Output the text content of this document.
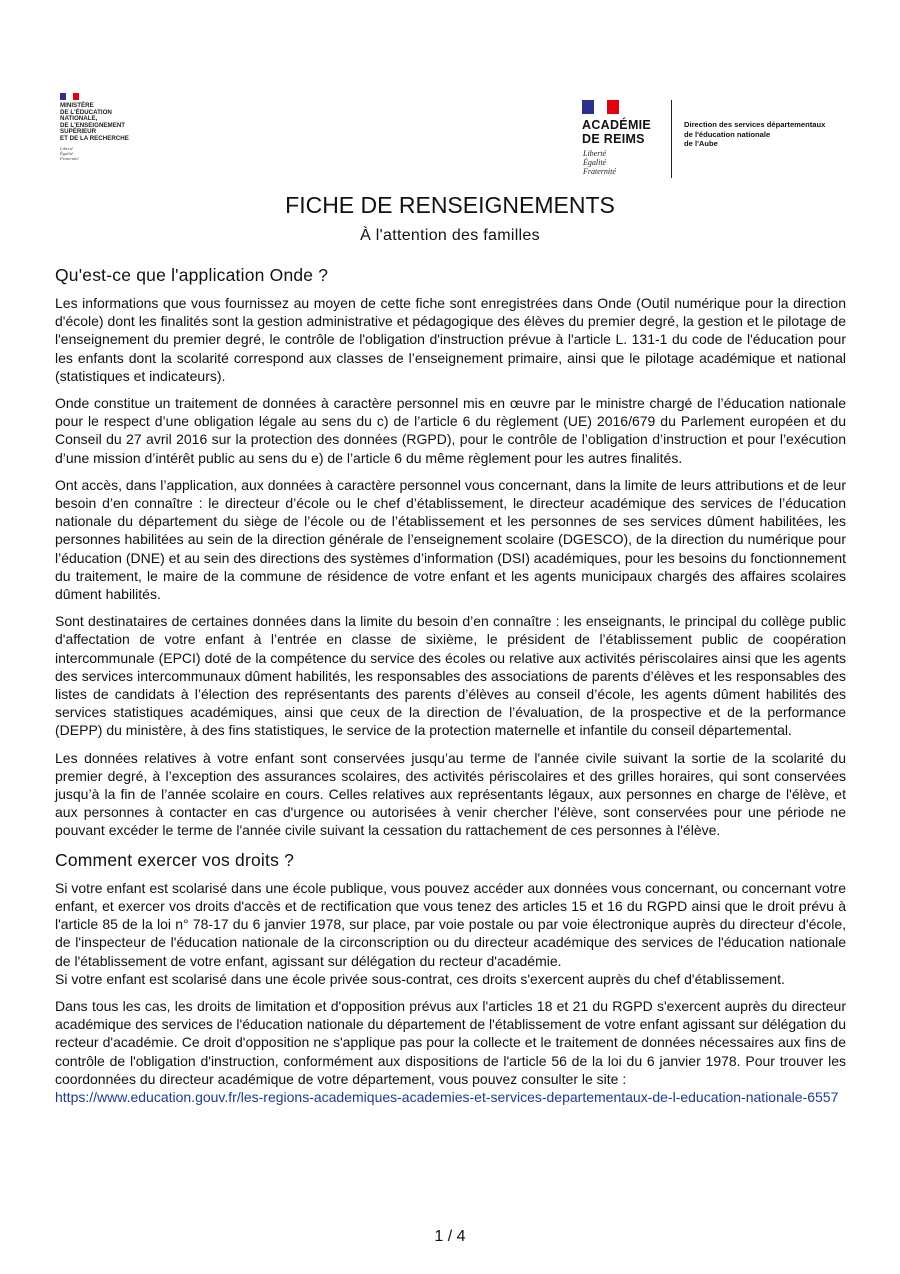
MINISTÈRE
DE L'ÉDUCATION
NATIONALE,
DE L'ENSEIGNEMENT
SUPÉRIEUR
ET DE LA RECHERCHE
Liberté
Égalité
Fraternité
ACADÉMIE
DE REIMS
Liberté
Égalité
Fraternité
Direction des services départementaux
de l'éducation nationale
de l'Aube
FICHE DE RENSEIGNEMENTS
À l'attention des familles
Qu'est-ce que l'application Onde ?

Les informations que vous fournissez au moyen de cette fiche sont enregistrées dans Onde (Outil numérique pour la direction d'école) dont les finalités sont la gestion administrative et pédagogique des élèves du premier degré, la gestion et le pilotage de l'enseignement du premier degré, le contrôle de l'obligation d'instruction prévue à l'article L. 131-1 du code de l'éducation pour les enfants dont la scolarité correspond aux classes de l’enseignement primaire, ainsi que le pilotage académique et national (statistiques et indicateurs).

Onde constitue un traitement de données à caractère personnel mis en œuvre par le ministre chargé de l’éducation nationale pour le respect d’une obligation légale au sens du c) de l’article 6 du règlement (UE) 2016/679 du Parlement européen et du Conseil du 27 avril 2016 sur la protection des données (RGPD), pour le contrôle de l’obligation d’instruction et pour l’exécution d’une mission d’intérêt public au sens du e) de l’article 6 du même règlement pour les autres finalités.

Ont accès, dans l’application, aux données à caractère personnel vous concernant, dans la limite de leurs attributions et de leur besoin d’en connaître : le directeur d’école ou le chef d’établissement, le directeur académique des services de l’éducation nationale du département du siège de l’école ou de l’établissement et les personnes de ses services dûment habilitées, les personnes habilitées au sein de la direction générale de l’enseignement scolaire (DGESCO), de la direction du numérique pour l’éducation (DNE) et au sein des directions des systèmes d’information (DSI) académiques, pour les besoins du fonctionnement du traitement, le maire de la commune de résidence de votre enfant et les agents municipaux chargés des affaires scolaires dûment habilités.

Sont destinataires de certaines données dans la limite du besoin d’en connaître : les enseignants, le principal du collège public d'affectation de votre enfant à l’entrée en classe de sixième, le président de l’établissement public de coopération intercommunale (EPCI) doté de la compétence du service des écoles ou relative aux activités périscolaires ainsi que les agents des services intercommunaux dûment habilités, les responsables des associations de parents d’élèves et les responsables des listes de candidats à l’élection des représentants des parents d’élèves au conseil d’école, les agents dûment habilités des services statistiques académiques, ainsi que ceux de la direction de l’évaluation, de la prospective et de la performance (DEPP) du ministère, à des fins statistiques, le service de la protection maternelle et infantile du conseil départemental.

Les données relatives à votre enfant sont conservées jusqu’au terme de l'année civile suivant la sortie de la scolarité du premier degré, à l’exception des assurances scolaires, des activités périscolaires et des grilles horaires, qui sont conservées jusqu’à la fin de l’année scolaire en cours. Celles relatives aux représentants légaux, aux personnes en charge de l'élève, et aux personnes à contacter en cas d'urgence ou autorisées à venir chercher l'élève, sont conservées pour une période ne pouvant excéder le terme de l'année civile suivant la cessation du rattachement de ces personnes à l'élève.

Comment exercer vos droits ?

Si votre enfant est scolarisé dans une école publique, vous pouvez accéder aux données vous concernant, ou concernant votre enfant, et exercer vos droits d'accès et de rectification que vous tenez des articles 15 et 16 du RGPD ainsi que le droit prévu à l'article 85 de la loi n° 78-17 du 6 janvier 1978, sur place, par voie postale ou par voie électronique auprès du directeur d'école, de l'inspecteur de l'éducation nationale de la circonscription ou du directeur académique des services de l'éducation nationale de l'établissement de votre enfant, agissant sur délégation du recteur d'académie.

Si votre enfant est scolarisé dans une école privée sous-contrat, ces droits s'exercent auprès du chef d'établissement.

Dans tous les cas, les droits de limitation et d'opposition prévus aux l'articles 18 et 21 du RGPD s'exercent auprès du directeur académique des services de l'éducation nationale du département de l'établissement de votre enfant agissant sur délégation du recteur d'académie. Ce droit d'opposition ne s'applique pas pour la collecte et le traitement de données nécessaires aux fins de contrôle de l'obligation d'instruction, conformément aux dispositions de l'article 56 de la loi du 6 janvier 1978. Pour trouver les coordonnées du directeur académique de votre département, vous pouvez consulter le site :

https://www.education.gouv.fr/les-regions-academiques-academies-et-services-departementaux-de-l-education-nationale-6557
1 / 4
